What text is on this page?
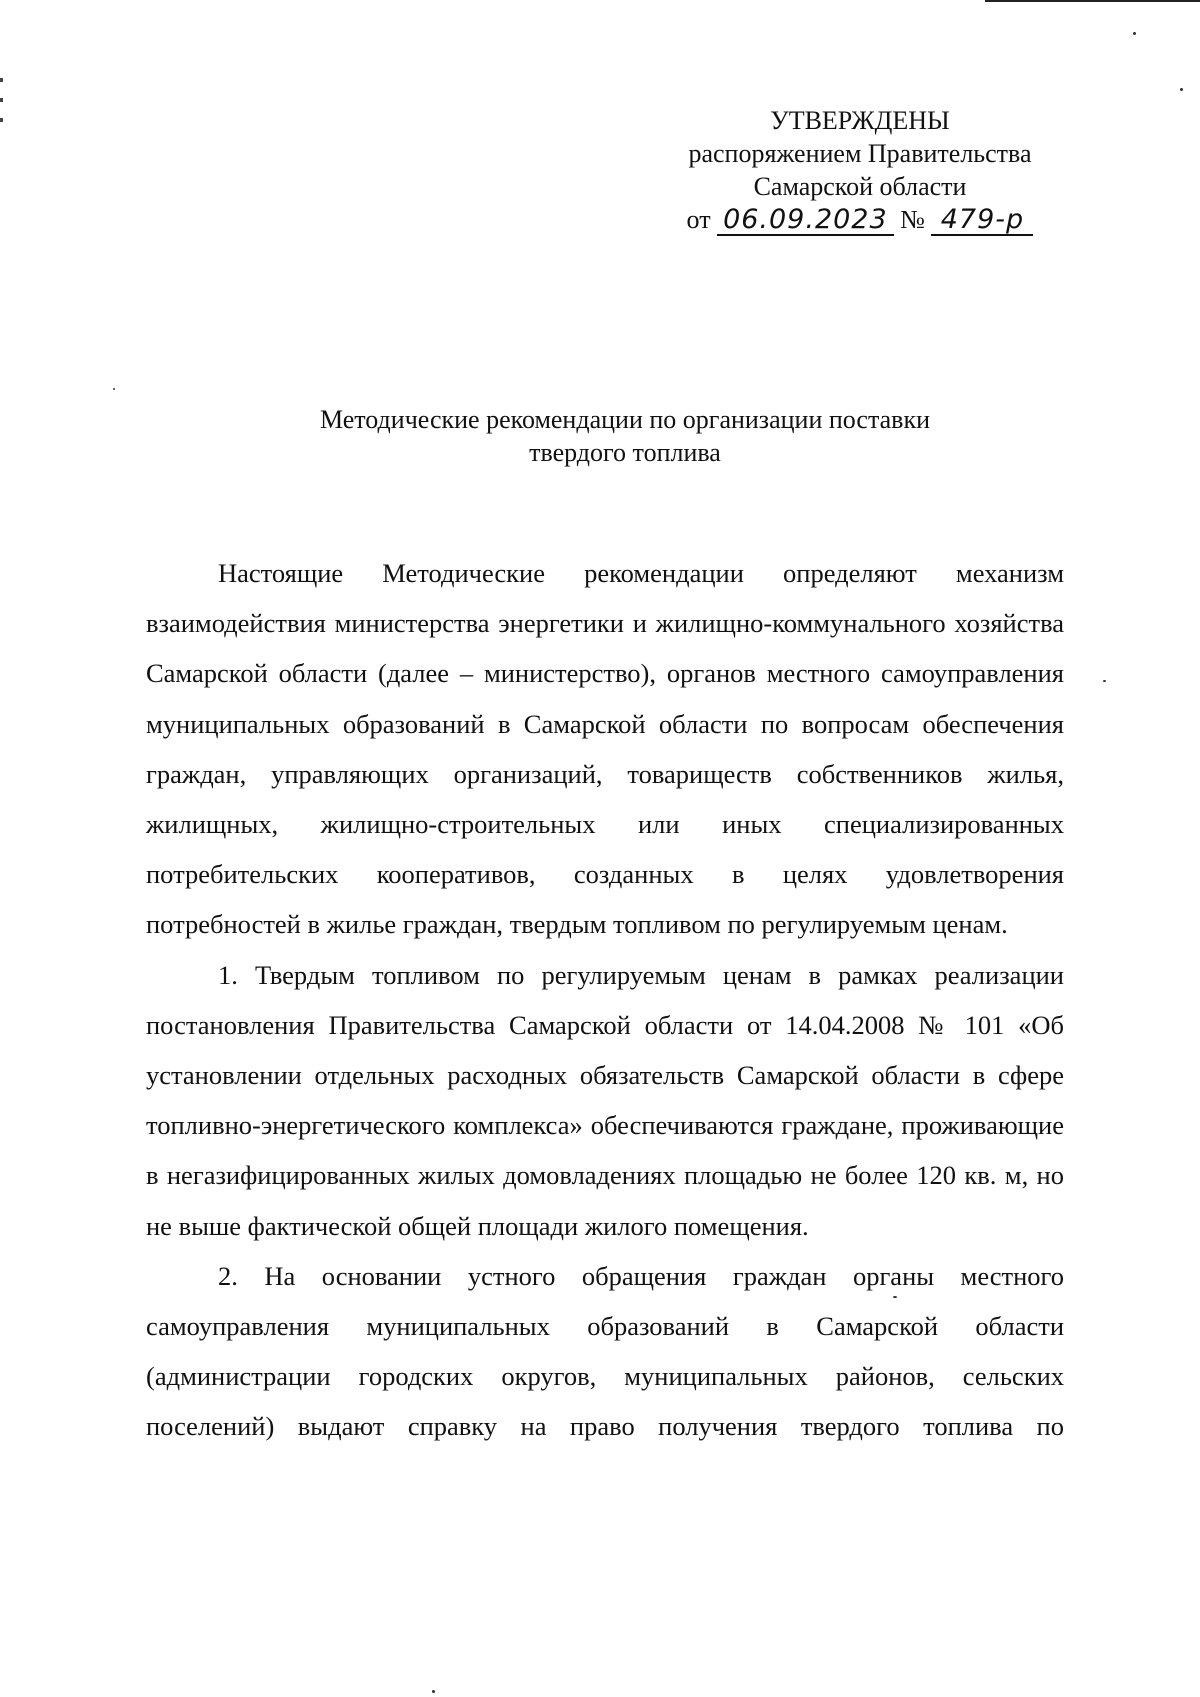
УТВЕРЖДЕНЫ
распоряжением Правительства
Самарской области
от 06.09.2023 № 479-р
Методические рекомендации по организации поставки
твердого топлива

Настоящие Методические рекомендации определяют механизм взаимодействия министерства энергетики и жилищно-коммунального хозяйства Самарской области (далее – министерство), органов местного самоуправления муниципальных образований в Самарской области по вопросам обеспечения граждан, управляющих организаций, товариществ собственников жилья, жилищных, жилищно-строительных или иных специализированных потребительских кооперативов, созданных в целях удовлетворения потребностей в жилье граждан, твердым топливом по регулируемым ценам.

1. Твердым топливом по регулируемым ценам в рамках реализации постановления Правительства Самарской области от 14.04.2008 № 101 «Об установлении отдельных расходных обязательств Самарской области в сфере топливно-энергетического комплекса» обеспечиваются граждане, проживающие в негазифицированных жилых домовладениях площадью не более 120 кв. м, но не выше фактической общей площади жилого помещения.

2. На основании устного обращения граждан органы местного самоуправления муниципальных образований в Самарской области (администрации городских округов, муниципальных районов, сельских поселений) выдают справку на право получения твердого топлива по
